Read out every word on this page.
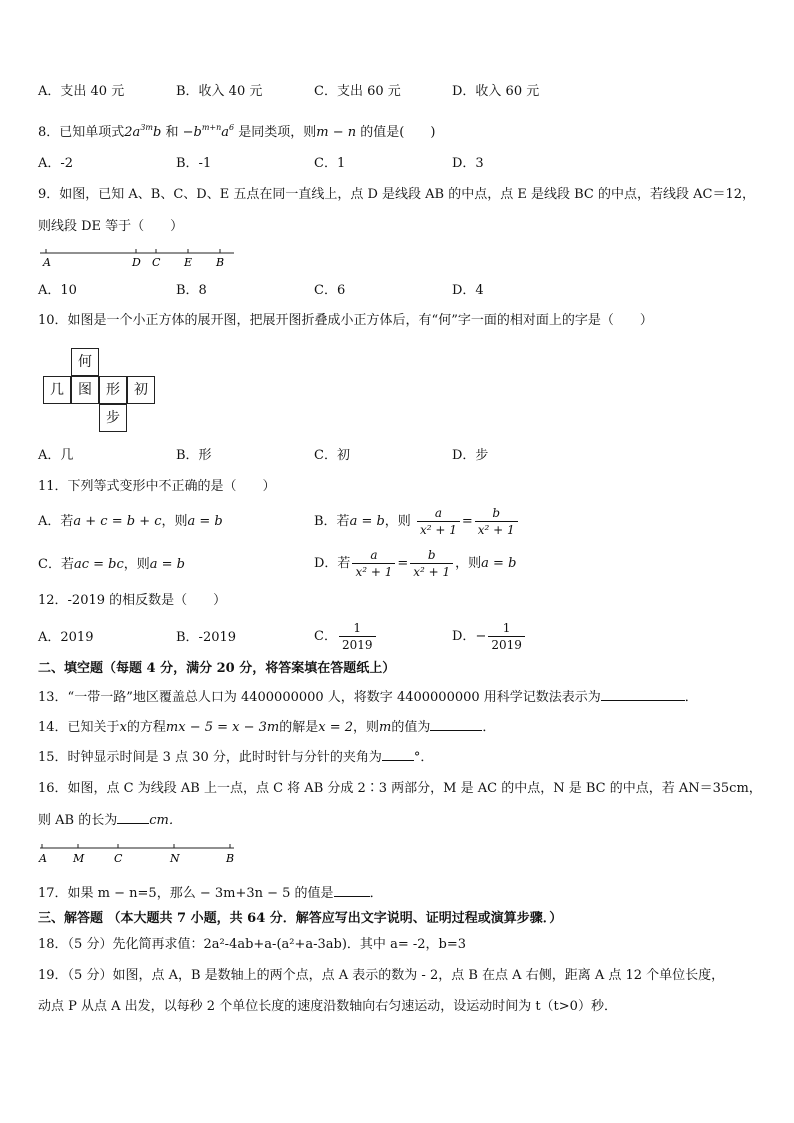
A．支出 40 元	B．收入 40 元	C．支出 60 元	D．收入 60 元
8．已知单项式$2a^{3m}b$ 和 $-b^{m+n}a^6$ 是同类项，则m − n 的值是(　　)
A．-2	B．-1	C．1	D．3
9．如图，已知 A、B、C、D、E 五点在同一直线上，点 D 是线段 AB 的中点，点 E 是线段 BC 的中点，若线段 AC＝12，
则线段 DE 等于（　　）
A	D C E B
A．10	B．8	C．6	D．4
10．如图是一个小正方体的展开图，把展开图折叠成小正方体后，有“何”字一面的相对面上的字是（　　）
何
几	图	形	初
步
A．几	B．形	C．初	D．步
11．下列等式变形中不正确的是（　　）
A．若a + c = b + c，则a = b	B．若a = b，则 $\frac{a}{\text{x² + 1}} = \frac{b}{\text{x² + 1}}$
C．若ac = bc，则a = b	D．若 $\frac{a}{\text{x² + 1}} = \frac{b}{\text{x² + 1}}$ ，则a = b
12．-2019 的相反数是（　　）
A．2019	B．-2019	C． $\frac{1}{2019}$	D．− $\frac{1}{2019}$
二、填空题（每题 4 分，满分 20 分，将答案填在答题纸上）
13．“一带一路”地区覆盖总人口为 4400000000 人，将数字 4400000000 用科学记数法表示为	．
14．已知关于x的方程mx − 5 = x − 3m的解是x = 2，则m的值为	．
15．时钟显示时间是 3 点 30 分，此时时针与分针的夹角为 °．
16．如图，点 C 为线段 AB 上一点，点 C 将 AB 分成 2∶3 两部分，M 是 AC 的中点，N 是 BC 的中点，若 AN＝35cm，
则 AB 的长为 cm．
A M	C	N	B
17．如果 m − n=5，那么 − 3m+3n − 5 的值是	．
三、解答题 （本大题共 7 小题，共 64 分．解答应写出文字说明、证明过程或演算步骤．）
18．（5 分）先化简再求值：2a²-4ab+a-(a²+a-3ab)．其中 a= -2，b=3
19．（5 分）如图，点 A，B 是数轴上的两个点，点 A 表示的数为 - 2，点 B 在点 A 右侧，距离 A 点 12 个单位长度，
动点 P 从点 A 出发，以每秒 2 个单位长度的速度沿数轴向右匀速运动，设运动时间为 t（t>0）秒．
